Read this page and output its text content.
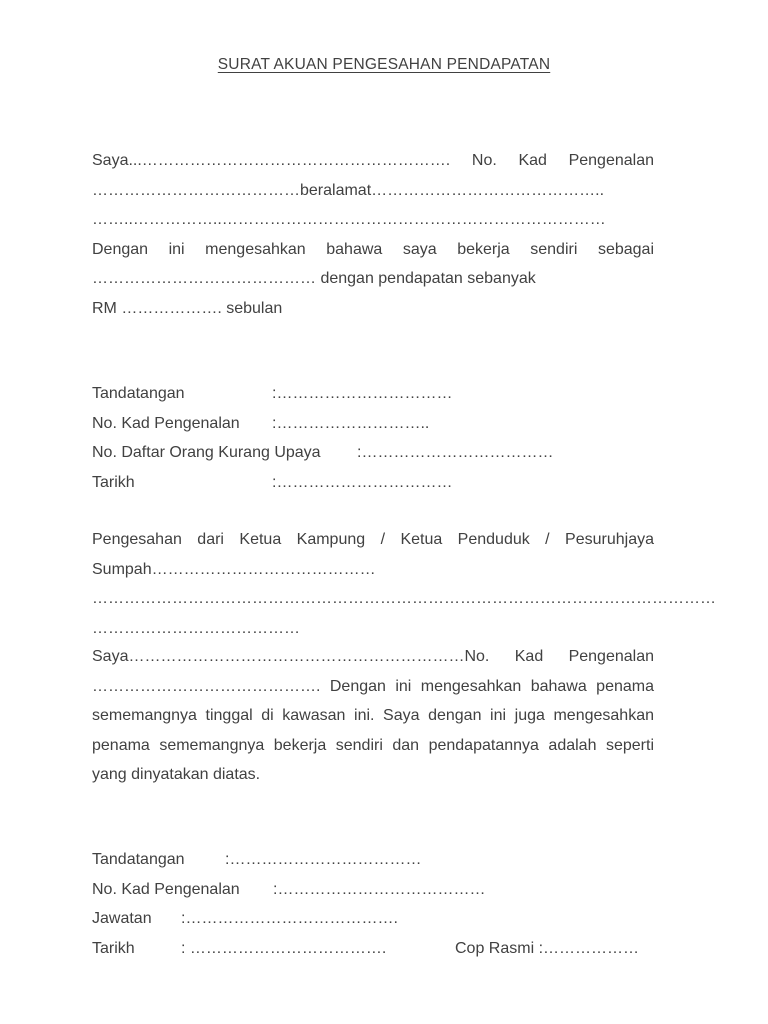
SURAT AKUAN PENGESAHAN PENDAPATAN
Saya...…………………………………………………. No. Kad Pengenalan
…………………………………beralamat……………………………………..
……..……………..………………………………………………………………
Dengan ini mengesahkan bahawa saya bekerja sendiri sebagai
…………………………………… dengan pendapatan sebanyak
RM ………………. sebulan
Tandatangan	:……………………………
No. Kad Pengenalan	:………………………..
No. Daftar Orang Kurang Upaya	:………………………………
Tarikh	:……………………………
Pengesahan dari Ketua Kampung / Ketua Penduduk / Pesuruhjaya
Sumpah……………………………………
………………………………………………………………………………………………………
…………………………………
Saya………………………………………………………No. Kad Pengenalan
……………………………………. Dengan ini mengesahkan bahawa penama
sememangnya tinggal di kawasan ini. Saya dengan ini juga mengesahkan
penama sememangnya bekerja sendiri dan pendapatannya adalah seperti
yang dinyatakan diatas.
Tandatangan	:………………………………
No. Kad Pengenalan	:…………………………………
Jawatan	:………………………………….
Tarikh	: ……………………………….	Cop Rasmi :………………
